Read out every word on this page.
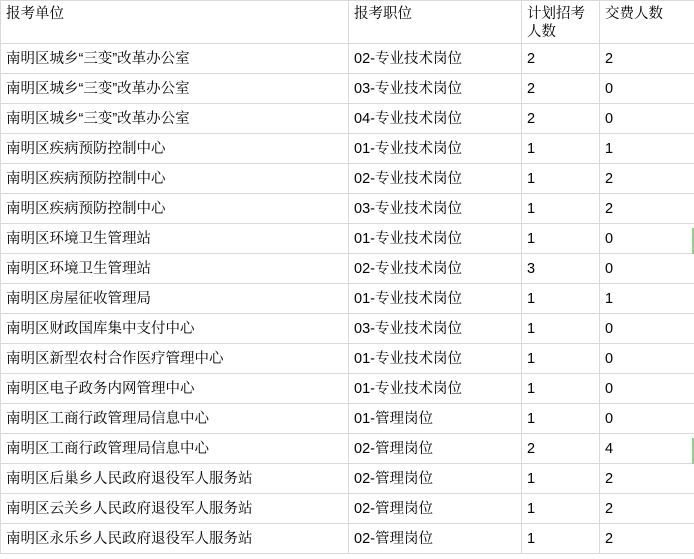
报考单位	报考职位	计划招考人数	交费人数
南明区城乡“三变”改革办公室	02-专业技术岗位	2	2
南明区城乡“三变”改革办公室	03-专业技术岗位	2	0
南明区城乡“三变”改革办公室	04-专业技术岗位	2	0
南明区疾病预防控制中心	01-专业技术岗位	1	1
南明区疾病预防控制中心	02-专业技术岗位	1	2
南明区疾病预防控制中心	03-专业技术岗位	1	2
南明区环境卫生管理站	01-专业技术岗位	1	0
南明区环境卫生管理站	02-专业技术岗位	3	0
南明区房屋征收管理局	01-专业技术岗位	1	1
南明区财政国库集中支付中心	03-专业技术岗位	1	0
南明区新型农村合作医疗管理中心	01-专业技术岗位	1	0
南明区电子政务内网管理中心	01-专业技术岗位	1	0
南明区工商行政管理局信息中心	01-管理岗位	1	0
南明区工商行政管理局信息中心	02-管理岗位	2	4
南明区后巢乡人民政府退役军人服务站	02-管理岗位	1	2
南明区云关乡人民政府退役军人服务站	02-管理岗位	1	2
南明区永乐乡人民政府退役军人服务站	02-管理岗位	1	2
